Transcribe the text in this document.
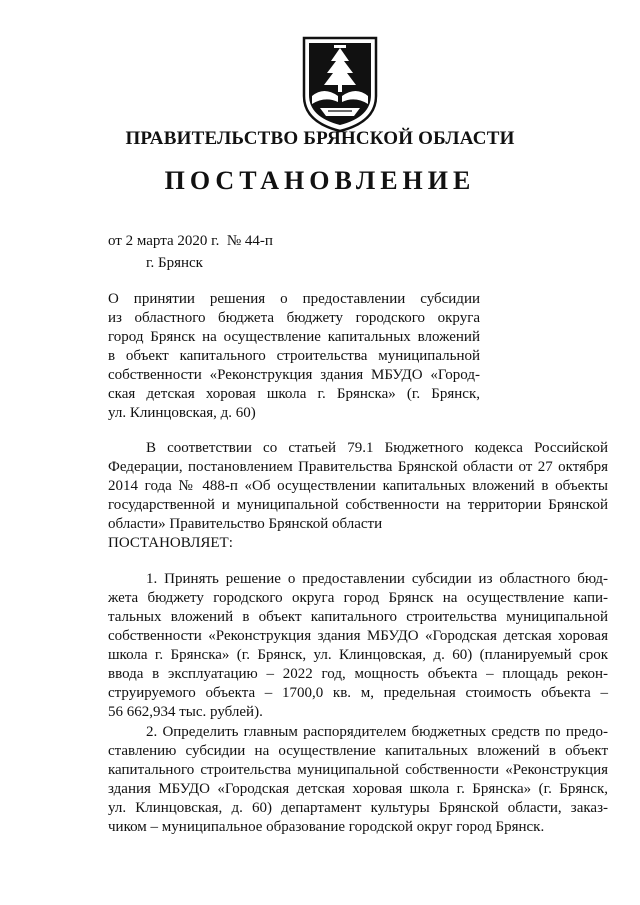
ПРАВИТЕЛЬСТВО БРЯНСКОЙ ОБЛАСТИ
ПОСТАНОВЛЕНИЕ
от 2 марта 2020 г.  № 44-п
г. Брянск
О принятии решения о предоставлении субсидии
из областного бюджета бюджету городского округа
город Брянск на осуществление капитальных вложений
в объект капитального строительства муниципальной
собственности «Реконструкция здания МБУДО «Город-
ская детская хоровая школа г. Брянска» (г. Брянск,
ул. Клинцовская, д. 60)
В соответствии со статьей 79.1 Бюджетного кодекса Российской
Федерации, постановлением Правительства Брянской области от 27 октября
2014 года № 488-п «Об осуществлении капитальных вложений в объекты
государственной и муниципальной собственности на территории Брянской
области» Правительство Брянской области
ПОСТАНОВЛЯЕТ:
1. Принять решение о предоставлении субсидии из областного бюд-
жета бюджету городского округа город Брянск на осуществление капи-
тальных вложений в объект капитального строительства муниципальной
собственности «Реконструкция здания МБУДО «Городская детская хоровая
школа г. Брянска» (г. Брянск, ул. Клинцовская, д. 60) (планируемый срок
ввода в эксплуатацию – 2022 год, мощность объекта – площадь рекон-
струируемого объекта – 1700,0 кв. м, предельная стоимость объекта –
56 662,934 тыс. рублей).
2. Определить главным распорядителем бюджетных средств по предо-
ставлению субсидии на осуществление капитальных вложений в объект
капитального строительства муниципальной собственности «Реконструкция
здания МБУДО «Городская детская хоровая школа г. Брянска» (г. Брянск,
ул. Клинцовская, д. 60) департамент культуры Брянской области, заказ-
чиком – муниципальное образование городской округ город Брянск.
